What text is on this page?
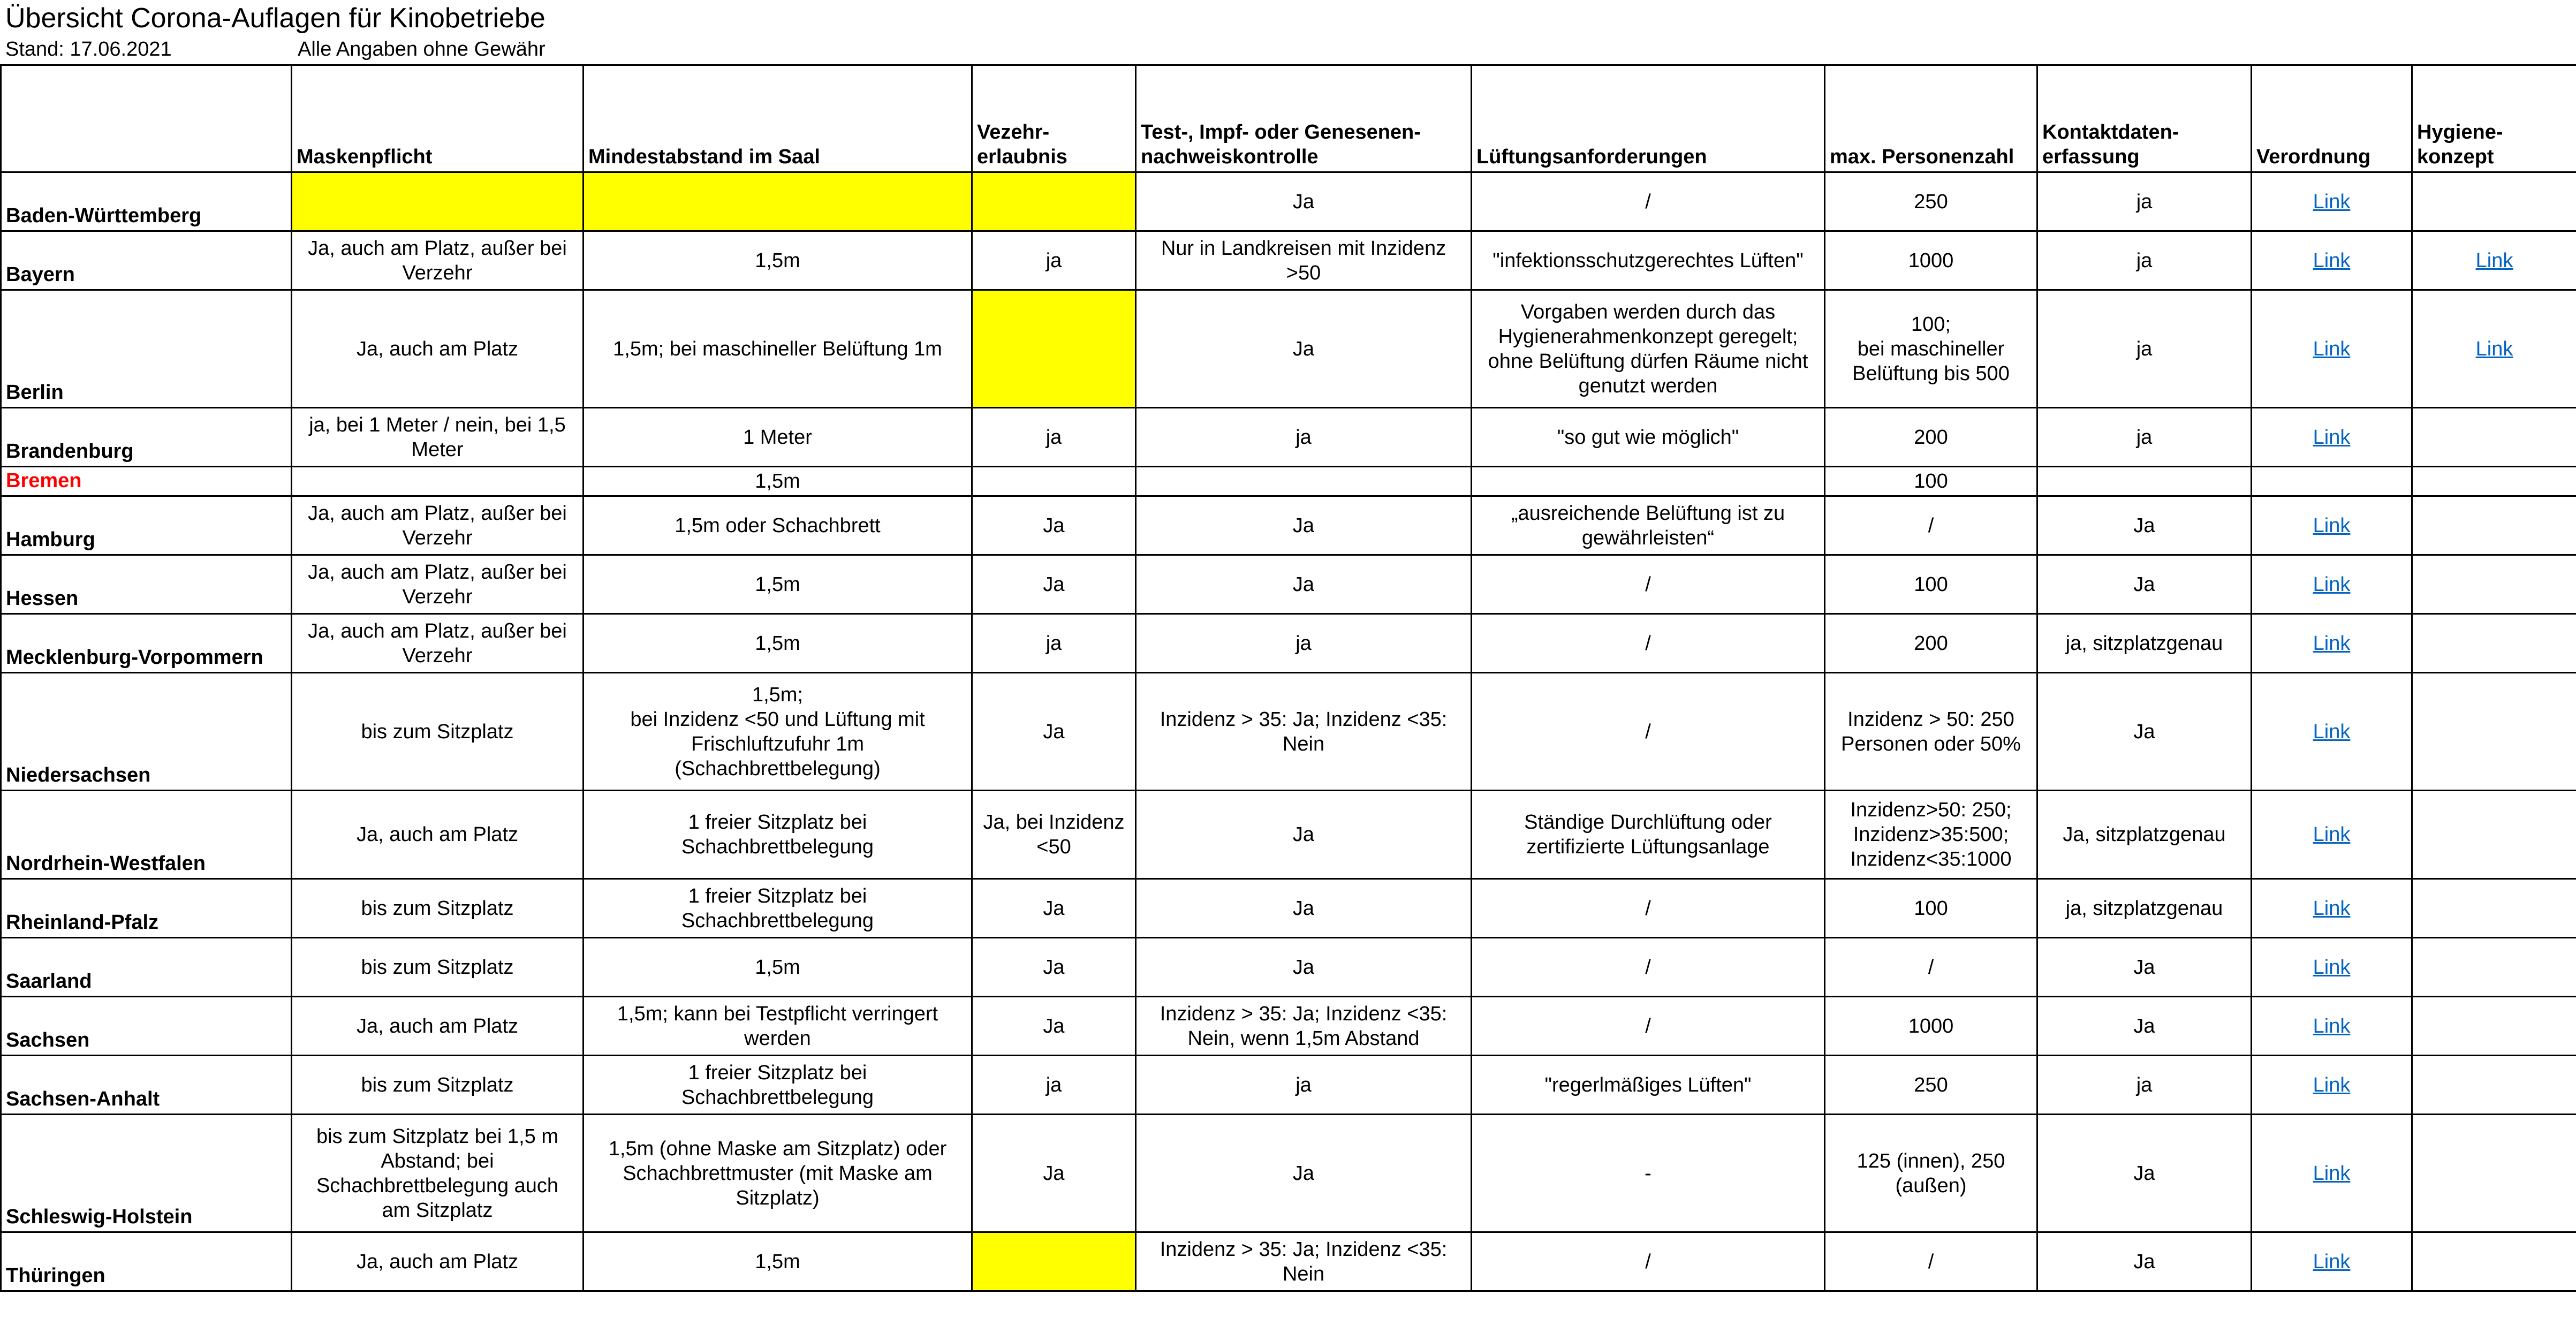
Übersicht Corona-Auflagen für Kinobetriebe
Stand: 17.06.2021	Alle Angaben ohne Gewähr
	Maskenpflicht	Mindestabstand im Saal	Vezehr-
erlaubnis	Test-, Impf- oder Genesenen-
nachweiskontrolle	Lüftungsanforderungen	max. Personenzahl	Kontaktdaten-
erfassung	Verordnung	Hygiene-
konzept
Baden-Württemberg				Ja	/	250	ja	Link	
Bayern	Ja, auch am Platz, außer bei
Verzehr	1,5m	ja	Nur in Landkreisen mit Inzidenz
>50	"infektionsschutzgerechtes Lüften"	1000	ja	Link	Link
Berlin	Ja, auch am Platz	1,5m; bei maschineller Belüftung 1m		Ja	Vorgaben werden durch das
Hygienerahmenkonzept geregelt;
ohne Belüftung dürfen Räume nicht
genutzt werden	100;
bei maschineller
Belüftung bis 500	ja	Link	Link
Brandenburg	ja, bei 1 Meter / nein, bei 1,5
Meter	1 Meter	ja	ja	"so gut wie möglich"	200	ja	Link	
Bremen		1,5m				100			
Hamburg	Ja, auch am Platz, außer bei
Verzehr	1,5m oder Schachbrett	Ja	Ja	„ausreichende Belüftung ist zu
gewährleisten“	/	Ja	Link	
Hessen	Ja, auch am Platz, außer bei
Verzehr	1,5m	Ja	Ja	/	100	Ja	Link	
Mecklenburg-Vorpommern	Ja, auch am Platz, außer bei
Verzehr	1,5m	ja	ja	/	200	ja, sitzplatzgenau	Link	
Niedersachsen	bis zum Sitzplatz	1,5m;
bei Inzidenz <50 und Lüftung mit
Frischluftzufuhr 1m
(Schachbrettbelegung)	Ja	Inzidenz > 35: Ja; Inzidenz <35:
Nein	/	Inzidenz > 50: 250
Personen oder 50%	Ja	Link	
Nordrhein-Westfalen	Ja, auch am Platz	1 freier Sitzplatz bei
Schachbrettbelegung	Ja, bei Inzidenz
<50	Ja	Ständige Durchlüftung oder
zertifizierte Lüftungsanlage	Inzidenz>50: 250;
Inzidenz>35:500;
Inzidenz<35:1000	Ja, sitzplatzgenau	Link	
Rheinland-Pfalz	bis zum Sitzplatz	1 freier Sitzplatz bei
Schachbrettbelegung	Ja	Ja	/	100	ja, sitzplatzgenau	Link	
Saarland	bis zum Sitzplatz	1,5m	Ja	Ja	/	/	Ja	Link	
Sachsen	Ja, auch am Platz	1,5m; kann bei Testpflicht verringert
werden	Ja	Inzidenz > 35: Ja; Inzidenz <35:
Nein, wenn 1,5m Abstand	/	1000	Ja	Link	
Sachsen-Anhalt	bis zum Sitzplatz	1 freier Sitzplatz bei
Schachbrettbelegung	ja	ja	"regerlmäßiges Lüften"	250	ja	Link	
Schleswig-Holstein	bis zum Sitzplatz bei 1,5 m
Abstand; bei
Schachbrettbelegung auch
am Sitzplatz	1,5m (ohne Maske am Sitzplatz) oder
Schachbrettmuster (mit Maske am
Sitzplatz)	Ja	Ja	-	125 (innen), 250
(außen)	Ja	Link	
Thüringen	Ja, auch am Platz	1,5m		Inzidenz > 35: Ja; Inzidenz <35:
Nein	/	/	Ja	Link	
